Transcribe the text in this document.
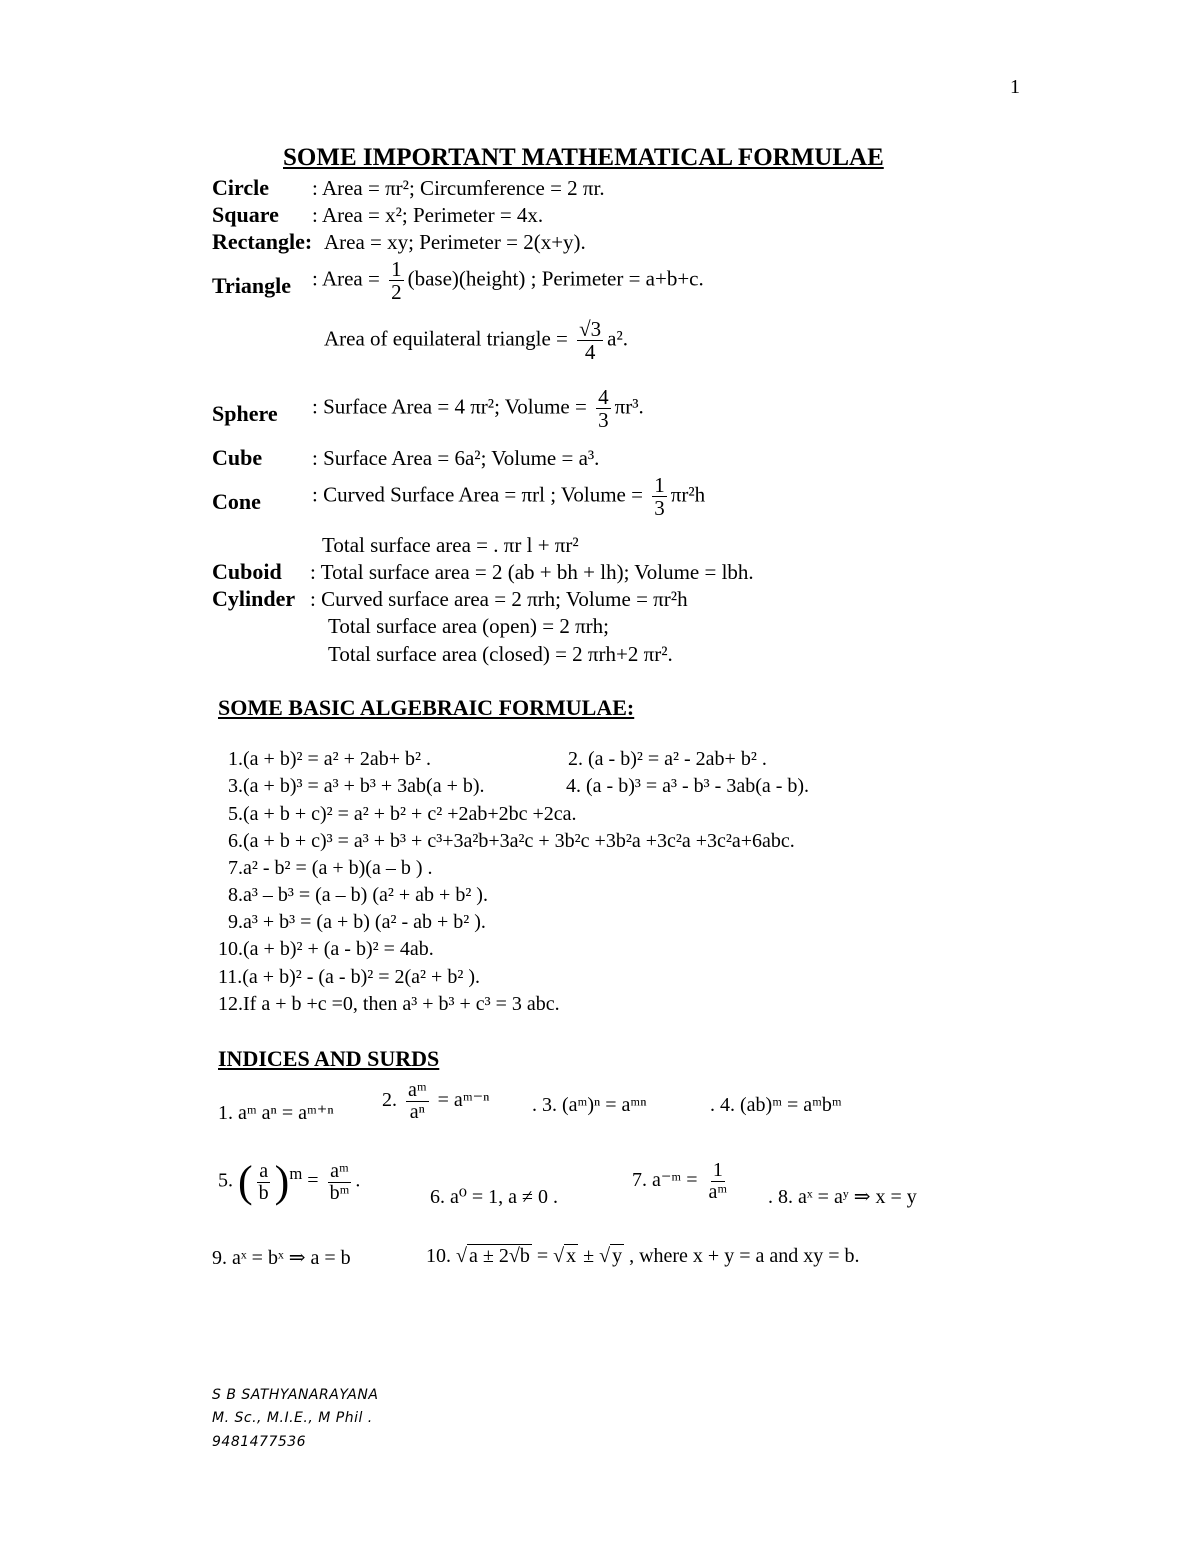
1
SOME IMPORTANT MATHEMATICAL FORMULAE
Circle : Area = πr²; Circumference = 2 πr.
Square : Area = x²; Perimeter = 4x.
Rectangle: Area = xy; Perimeter = 2(x+y).
Triangle : Area = $\frac{1}{2}$ (base)(height) ; Perimeter = a+b+c.
Area of equilateral triangle = $\frac{√3}{4} a^2$.
Sphere : Surface Area = 4 πr²; Volume = $\frac{4}{3} \pi r^3$.
Cube : Surface Area = 6a²; Volume = a³.
Cone : Curved Surface Area = πrl ; Volume = $\frac{1}{3} \pi r^2h$
Total surface area = . πr l + πr²
Cuboid : Total surface area = 2 (ab + bh + lh); Volume = lbh.
Cylinder : Curved surface area = 2 πrh; Volume = πr²h
Total surface area (open) = 2 πrh;
Total surface area (closed) = 2 πrh+2 πr².
SOME BASIC ALGEBRAIC FORMULAE:
1.(a + b)² = a² + 2ab+ b² .	2. (a - b)² = a² - 2ab+ b² .
3.(a + b)³ = a³ + b³ + 3ab(a + b).	4. (a - b)³ = a³ - b³ - 3ab(a - b).
5.(a + b + c)² = a² + b² + c² +2ab+2bc +2ca.
6.(a + b + c)³ = a³ + b³ + c³+3a²b+3a²c + 3b²c +3b²a +3c²a +3c²a+6abc.
7.a² - b² = (a + b)(a – b ) .
8.a³ – b³ = (a – b) (a² + ab + b² ).
9.a³ + b³ = (a + b) (a² - ab + b² ).
10.(a + b)² + (a - b)² = 4ab.
11.(a + b)² - (a - b)² = 2(a² + b² ).
12.If a + b +c =0, then a³ + b³ + c³ = 3 abc.
INDICES AND SURDS
1. aᵐ aⁿ = aᵐ⁺ⁿ
2. $\frac{\text{aᵐ}}{\text{aⁿ}}$ = aᵐ⁻ⁿ . 3. (aᵐ)ⁿ = aᵐⁿ	. 4. (ab)ᵐ = aᵐbᵐ
5. ( $\frac{a}{b} )^m = \frac{\text{aᵐ}}{\text{bᵐ}}$ .
6. a⁰ = 1, a ≠ 0 .
7. a⁻ᵐ = $\frac{1}{\text{aᵐ}}$ . 8. aˣ = aʸ ⇒ x = y
9. aˣ = bˣ ⇒ a = b	10. √ a ± 2√b = √ x ± √ y , where x + y = a and xy = b.
S B SATHYANARAYANA
M. Sc., M.I.E., M Phil .
9481477536
